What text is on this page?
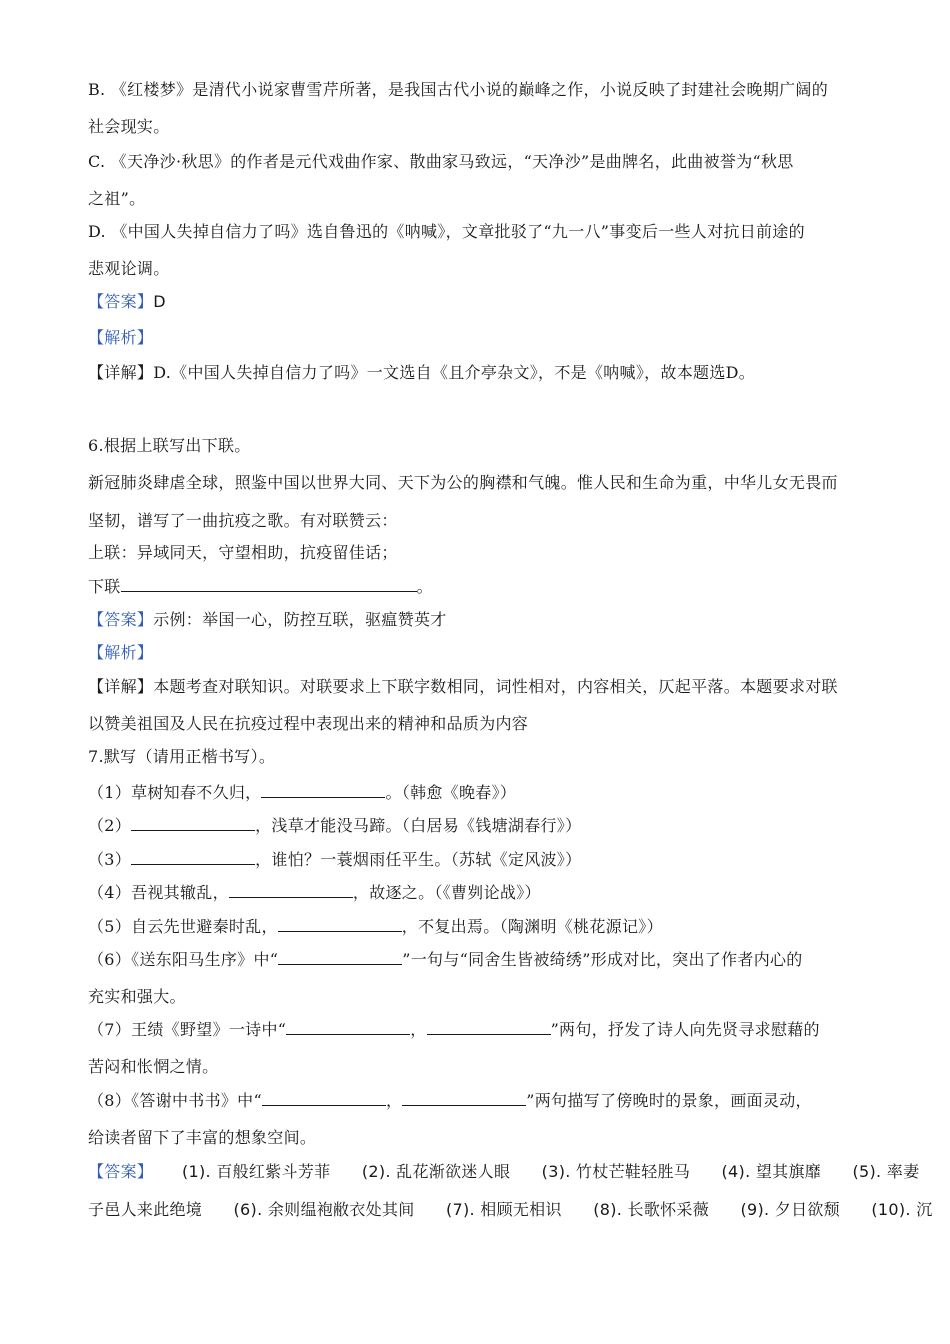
B. 《红楼梦》是清代小说家曹雪芹所著，是我国古代小说的巅峰之作，小说反映了封建社会晚期广阔的
社会现实。
C. 《天净沙·秋思》的作者是元代戏曲作家、散曲家马致远，“天净沙”是曲牌名，此曲被誉为“秋思
之祖”。
D. 《中国人失掉自信力了吗》选自鲁迅的《呐喊》，文章批驳了“九一八”事变后一些人对抗日前途的
悲观论调。
【答案】D
【解析】
【详解】D.《中国人失掉自信力了吗》一文选自《且介亭杂文》，不是《呐喊》，故本题选D。
6.根据上联写出下联。
新冠肺炎肆虐全球，照鉴中国以世界大同、天下为公的胸襟和气魄。惟人民和生命为重，中华儿女无畏而
坚韧，谱写了一曲抗疫之歌。有对联赞云：
上联：异域同天，守望相助，抗疫留佳话；
下联	。
【答案】示例：举国一心，防控互联，驱瘟赞英才
【解析】
【详解】本题考查对联知识。对联要求上下联字数相同，词性相对，内容相关，仄起平落。本题要求对联
以赞美祖国及人民在抗疫过程中表现出来的精神和品质为内容
7.默写（请用正楷书写）。
（1）草树知春不久归，	。（韩愈《晚春》）
（2）	，浅草才能没马蹄。（白居易《钱塘湖春行》）
（3）	，谁怕？一蓑烟雨任平生。（苏轼《定风波》）
（4）吾视其辙乱，	，故逐之。（《曹刿论战》）
（5）自云先世避秦时乱，	，不复出焉。（陶渊明《桃花源记》）
（6）《送东阳马生序》中“	”一句与“同舍生皆被绮绣”形成对比，突出了作者内心的
充实和强大。
（7）王绩《野望》一诗中“	，	”两句，抒发了诗人向先贤寻求慰藉的
苦闷和怅惘之情。
（8）《答谢中书书》中“	，	”两句描写了傍晚时的景象，画面灵动，
给读者留下了丰富的想象空间。
【答案】 (1). 百般红紫斗芳菲 (2). 乱花渐欲迷人眼 (3). 竹杖芒鞋轻胜马 (4). 望其旗靡 (5). 率妻
子邑人来此绝境 (6). 余则缊袍敝衣处其间 (7). 相顾无相识 (8). 长歌怀采薇 (9). 夕日欲颓 (10). 沉
